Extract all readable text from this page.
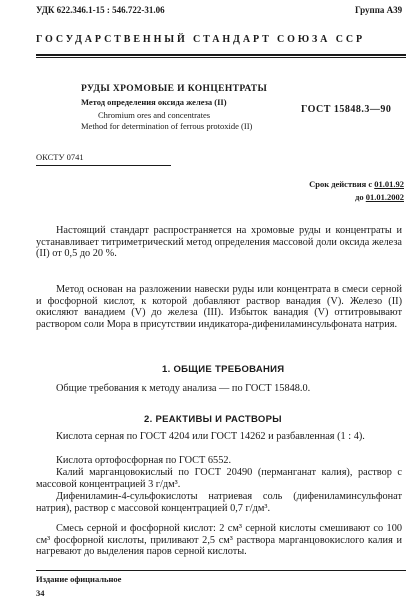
УДК 622.346.1-15 : 546.722-31.06	Группа А39
ГОСУДАРСТВЕННЫЙ СТАНДАРТ СОЮЗА ССР
РУДЫ ХРОМОВЫЕ И КОНЦЕНТРАТЫ
Метод определения оксида железа (II)
Chromium ores and concentrates
Method for determination of ferrous protoxide (II)
ГОСТ 15848.3—90
ОКСТУ 0741
Срок действия с 01.01.92
до 01.01.2002
Настоящий стандарт распространяется на хромовые руды и концентраты и устанавливает титриметрический метод определения массовой доли оксида железа (II) от 0,5 до 20 %.
Метод основан на разложении навески руды или концентрата в смеси серной и фосфорной кислот, к которой добавляют раствор ванадия (V). Железо (II) окисляют ванадием (V) до железа (III). Избыток ванадия (V) оттитровывают раствором соли Мора в присутствии индикатора-дифениламинсульфоната натрия.
1. ОБЩИЕ ТРЕБОВАНИЯ
Общие требования к методу анализа — по ГОСТ 15848.0.
2. РЕАКТИВЫ И РАСТВОРЫ
Кислота серная по ГОСТ 4204 или ГОСТ 14262 и разбавленная (1 : 4).
Кислота ортофосфорная по ГОСТ 6552.
Калий марганцовокислый по ГОСТ 20490 (перманганат калия), раствор с массовой концентрацией 3 г/дм³.
Дифениламин-4-сульфокислоты натриевая соль (дифениламинсульфонат натрия), раствор с массовой концентрацией 0,7 г/дм³.
Смесь серной и фосфорной кислот: 2 см³ серной кислоты смешивают со 100 см³ фосфорной кислоты, приливают 2,5 см³ раствора марганцовокислого калия и нагревают до выделения паров серной кислоты.
Издание официальное
34
